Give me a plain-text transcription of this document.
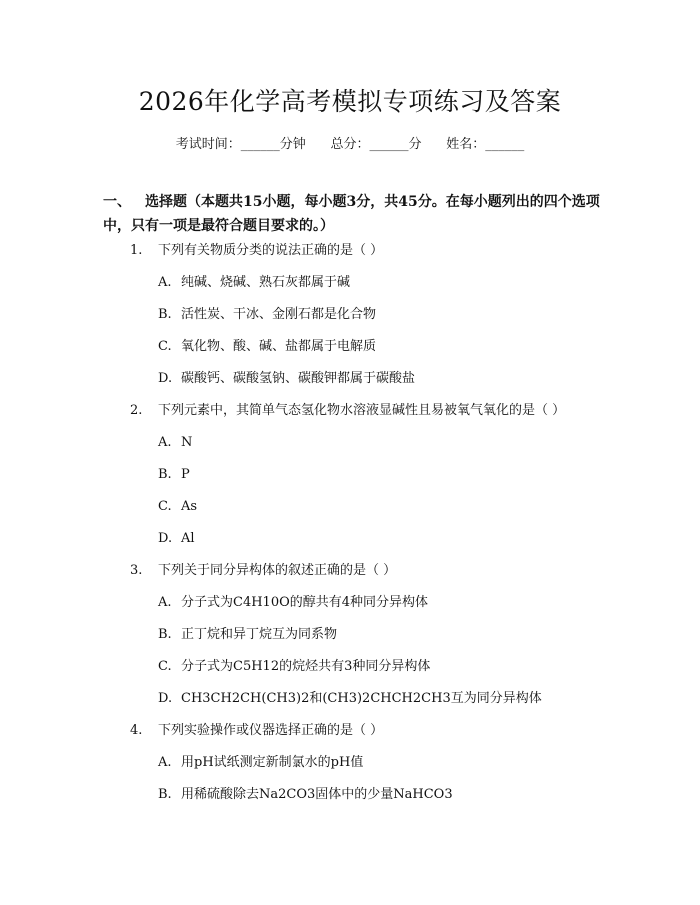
2026年化学高考模拟专项练习及答案
考试时间：______分钟      总分：______分      姓名：______
一、 选择题（本题共15小题，每小题3分，共45分。在每小题列出的四个选项中，只有一项是最符合题目要求的。）
1. 下列有关物质分类的说法正确的是（ ）
A. 纯碱、烧碱、熟石灰都属于碱
B. 活性炭、干冰、金刚石都是化合物
C. 氧化物、酸、碱、盐都属于电解质
D. 碳酸钙、碳酸氢钠、碳酸钾都属于碳酸盐
2. 下列元素中，其简单气态氢化物水溶液显碱性且易被氧气氧化的是（ ）
A. N
B. P
C. As
D. Al
3. 下列关于同分异构体的叙述正确的是（ ）
A. 分子式为C4H10O的醇共有4种同分异构体
B. 正丁烷和异丁烷互为同系物
C. 分子式为C5H12的烷烃共有3种同分异构体
D. CH3CH2CH(CH3)2和(CH3)2CHCH2CH3互为同分异构体
4. 下列实验操作或仪器选择正确的是（ ）
A. 用pH试纸测定新制氯水的pH值
B. 用稀硫酸除去Na2CO3固体中的少量NaHCO3
